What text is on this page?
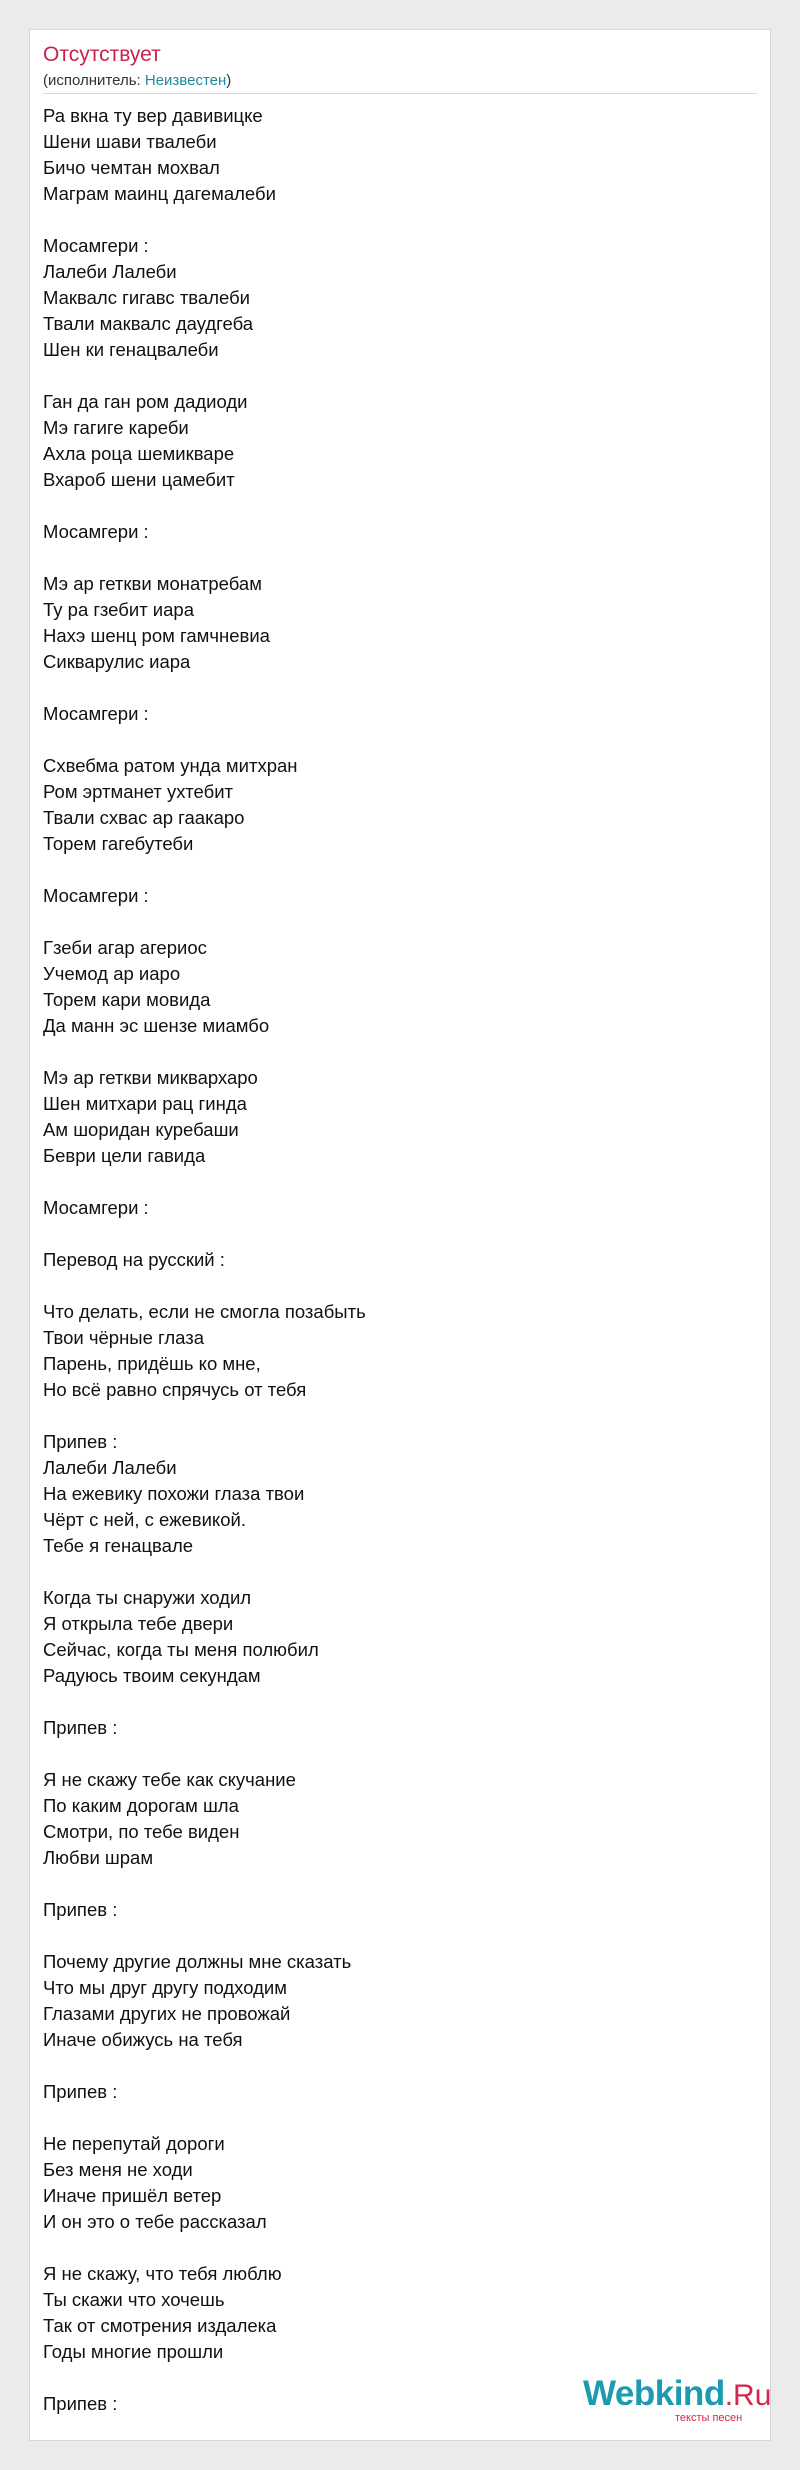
Отсутствует
(исполнитель: Неизвестен)
Ра вкна ту вер давивицке
Шени шави твалеби
Бичо чемтан мохвал
Маграм маинц дагемалеби

Мосамгери :
Лалеби Лалеби
Маквалс гигавс твалеби
Твали маквалс даудгеба
Шен ки генацвалеби

Ган да ган ром дадиоди
Мэ гагиге кареби
Ахла роца шемикваре
Вхароб шени цамебит

Мосамгери :

Мэ ар геткви монатребам
Ту ра гзебит иара
Нахэ шенц ром гамчневиа
Сикварулис иара

Мосамгери :

Схвебма ратом унда митхран
Ром эртманет ухтебит
Твали схвас ар гаакаро
Торем гагебутеби

Мосамгери :

Гзеби агар агериос
Учемод ар иаро
Торем кари мовида
Да манн эс шензе миамбо

Мэ ар геткви миквархаро
Шен митхари рац гинда
Ам шоридан куребаши
Беври цели гавида

Мосамгери :

Перевод на русский :

Что делать, если не смогла позабыть
Твои чёрные глаза
Парень, придёшь ко мне,
Но всё равно спрячусь от тебя

Припев :
Лалеби Лалеби
На ежевику похожи глаза твои
Чёрт с ней, с ежевикой.
Тебе я генацвале

Когда ты снаружи ходил
Я открыла тебе двери
Сейчас, когда ты меня полюбил
Радуюсь твоим секундам

Припев :

Я не скажу тебе как скучание
По каким дорогам шла
Смотри, по тебе виден
Любви шрам

Припев :

Почему другие должны мне сказать
Что мы друг другу подходим
Глазами других не провожай
Иначе обижусь на тебя

Припев :

Не перепутай дороги
Без меня не ходи
Иначе пришёл ветер
И он это о тебе рассказал

Я не скажу, что тебя люблю
Ты скажи что хочешь
Так от смотрения издалека
Годы многие прошли

Припев :	Webkind.Ru
тексты песен
